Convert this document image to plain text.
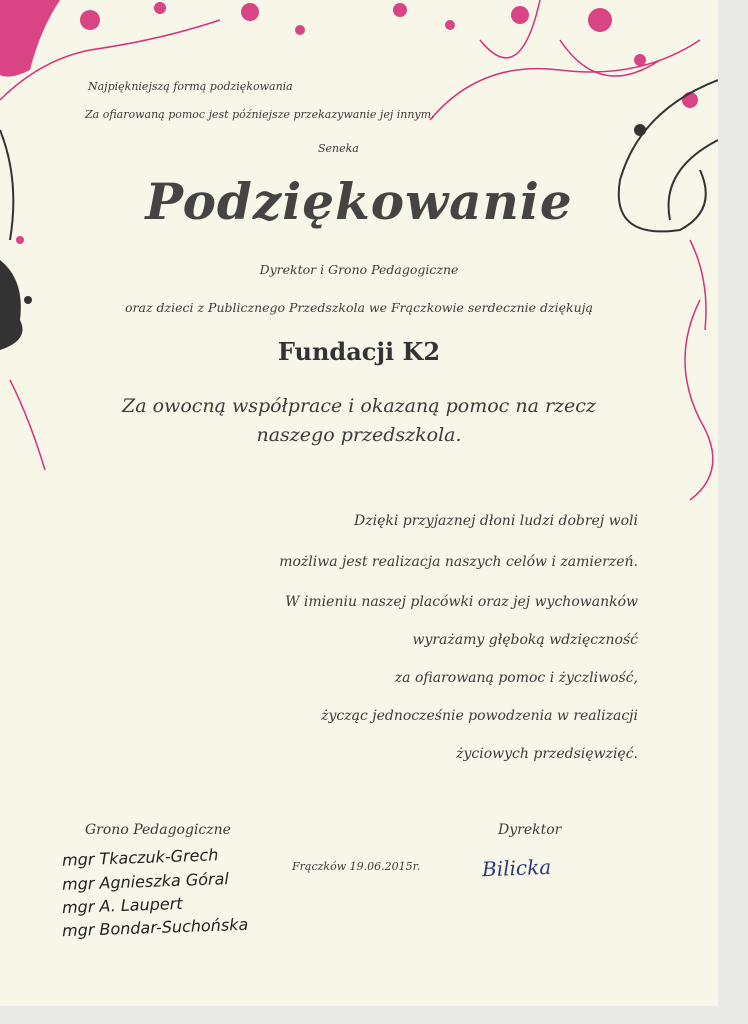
Najpiękniejszą formą podziękowania
Za ofiarowaną pomoc jest późniejsze przekazywanie jej innym.
Seneka
Podziękowanie
Dyrektor i Grono Pedagogiczne
oraz dzieci z Publicznego Przedszkola we Frączkowie serdecznie dziękują
Fundacji K2
Za owocną współprace i okazaną pomoc na rzecz
naszego przedszkola.
Dzięki przyjaznej dłoni ludzi dobrej woli
możliwa jest realizacja naszych celów i zamierzeń.
W imieniu naszej placówki oraz jej wychowanków
wyrażamy głęboką wdzięczność
za ofiarowaną pomoc i życzliwość,
życząc jednocześnie powodzenia w realizacji
życiowych przedsięwzięć.
Grono Pedagogiczne
mgr Tkaczuk-Grech
mgr Agnieszka Góral
mgr A. Laupert
mgr Bondar-Suchońska
Frączków 19.06.2015r.
Dyrektor
Bilicka
